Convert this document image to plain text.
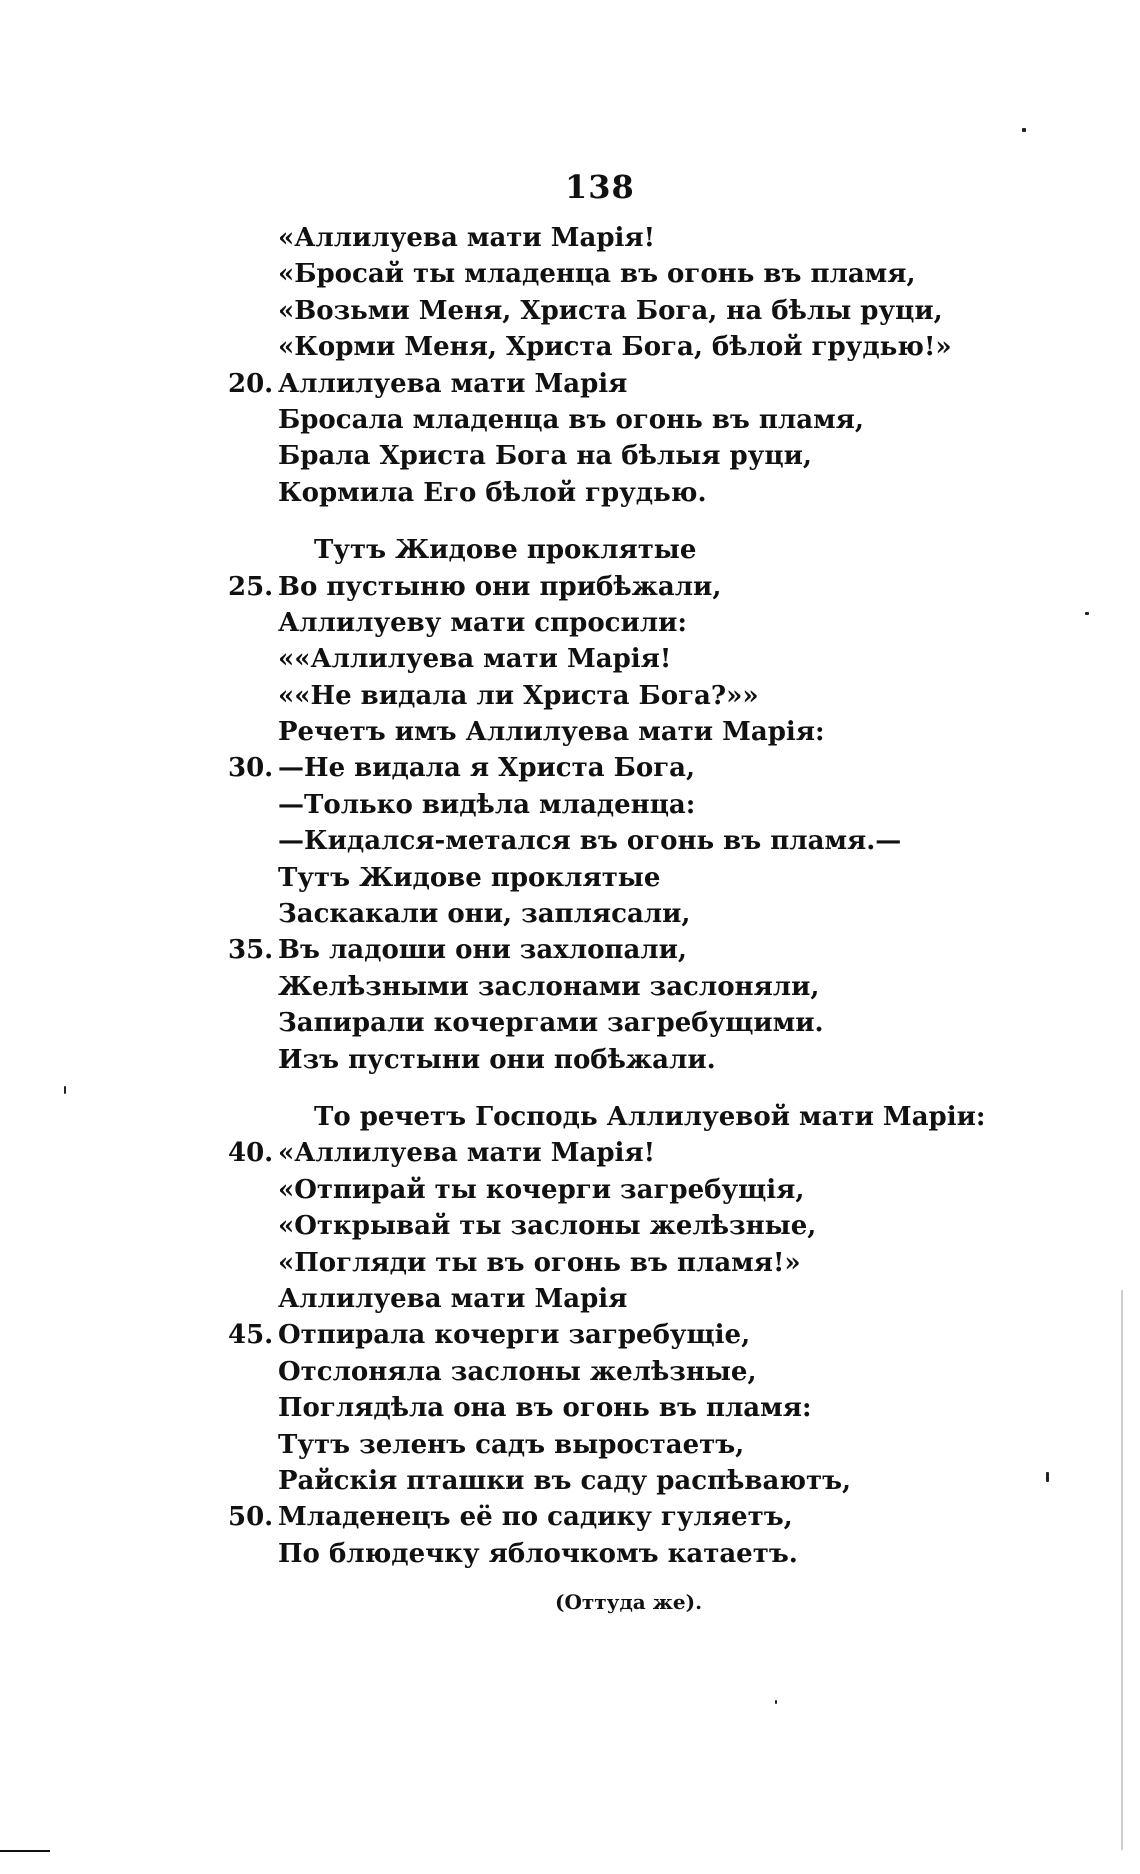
138
«Аллилуева мати Марія!
«Бросай ты младенца въ огонь въ пламя,
«Возьми Меня, Христа Бога, на бѣлы руци,
«Корми Меня, Христа Бога, бѣлой грудью!»
20. Аллилуева мати Марія
Бросала младенца въ огонь въ пламя,
Брала Христа Бога на бѣлыя руци,
Кормила Его бѣлой грудью.
Тутъ Жидове проклятые
25. Во пустыню они прибѣжали,
Аллилуеву мати спросили:
««Аллилуева мати Марія!
««Не видала ли Христа Бога?»»
Речетъ имъ Аллилуева мати Марія:
30. —Не видала я Христа Бога,
—Только видѣла младенца:
—Кидался-метался въ огонь въ пламя.—
Тутъ Жидове проклятые
Заскакали они, заплясали,
35. Въ ладоши они захлопали,
Желѣзными заслонами заслоняли,
Запирали кочергами загребущими.
Изъ пустыни они побѣжали.
То речетъ Господь Аллилуевой мати Маріи:
40. «Аллилуева мати Марія!
«Отпирай ты кочерги загребущія,
«Открывай ты заслоны желѣзные,
«Погляди ты въ огонь въ пламя!»
Аллилуева мати Марія
45. Отпирала кочерги загребущіе,
Отслоняла заслоны желѣзные,
Поглядѣла она въ огонь въ пламя:
Тутъ зеленъ садъ выростаетъ,
Райскія пташки въ саду распѣваютъ,
50. Младенецъ её по садику гуляетъ,
По блюдечку яблочкомъ катаетъ.
(Оттуда же).
